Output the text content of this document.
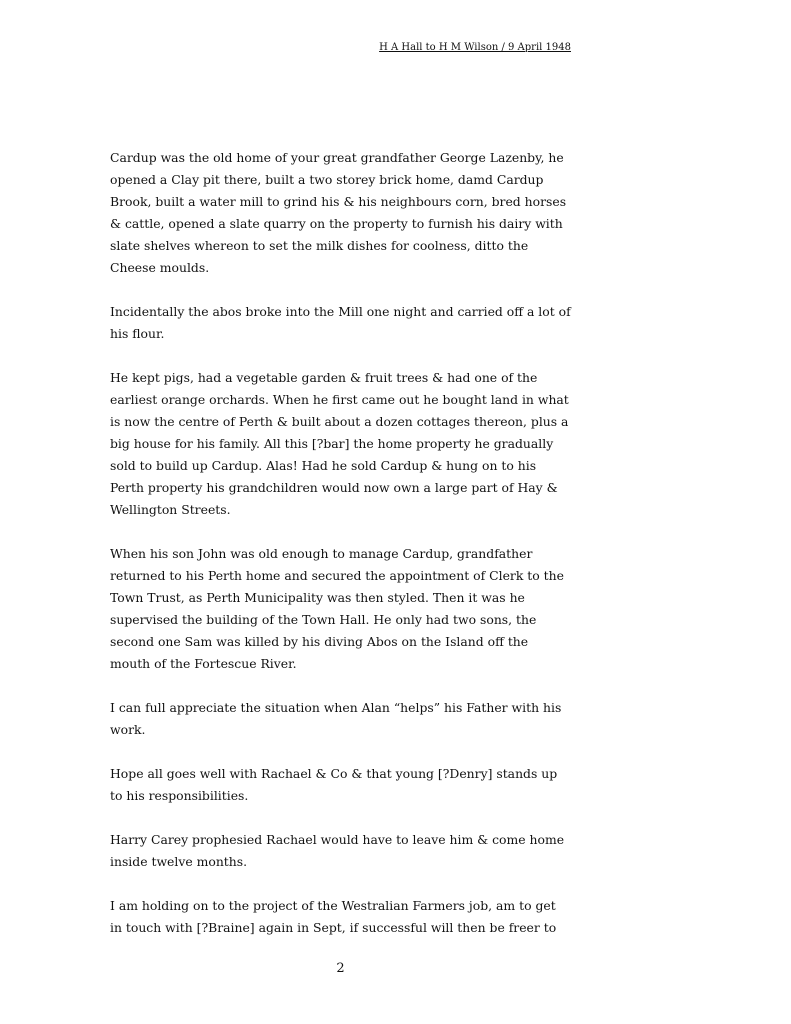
H A Hall to H M Wilson / 9 April 1948

Cardup was the old home of your great grandfather George Lazenby, he
opened a Clay pit there, built a two storey brick home, damd Cardup
Brook, built a water mill to grind his & his neighbours corn, bred horses
& cattle, opened a slate quarry on the property to furnish his dairy with
slate shelves whereon to set the milk dishes for coolness, ditto the
Cheese moulds.

Incidentally the abos broke into the Mill one night and carried off a lot of
his flour.

He kept pigs, had a vegetable garden & fruit trees & had one of the
earliest orange orchards. When he first came out he bought land in what
is now the centre of Perth & built about a dozen cottages thereon, plus a
big house for his family. All this [?bar] the home property he gradually
sold to build up Cardup. Alas! Had he sold Cardup & hung on to his
Perth property his grandchildren would now own a large part of Hay &
Wellington Streets.

When his son John was old enough to manage Cardup, grandfather
returned to his Perth home and secured the appointment of Clerk to the
Town Trust, as Perth Municipality was then styled. Then it was he
supervised the building of the Town Hall. He only had two sons, the
second one Sam was killed by his diving Abos on the Island off the
mouth of the Fortescue River.

I can full appreciate the situation when Alan “helps” his Father with his
work.

Hope all goes well with Rachael & Co & that young [?Denry] stands up
to his responsibilities.

Harry Carey prophesied Rachael would have to leave him & come home
inside twelve months.

I am holding on to the project of the Westralian Farmers job, am to get
in touch with [?Braine] again in Sept, if successful will then be freer to

2
